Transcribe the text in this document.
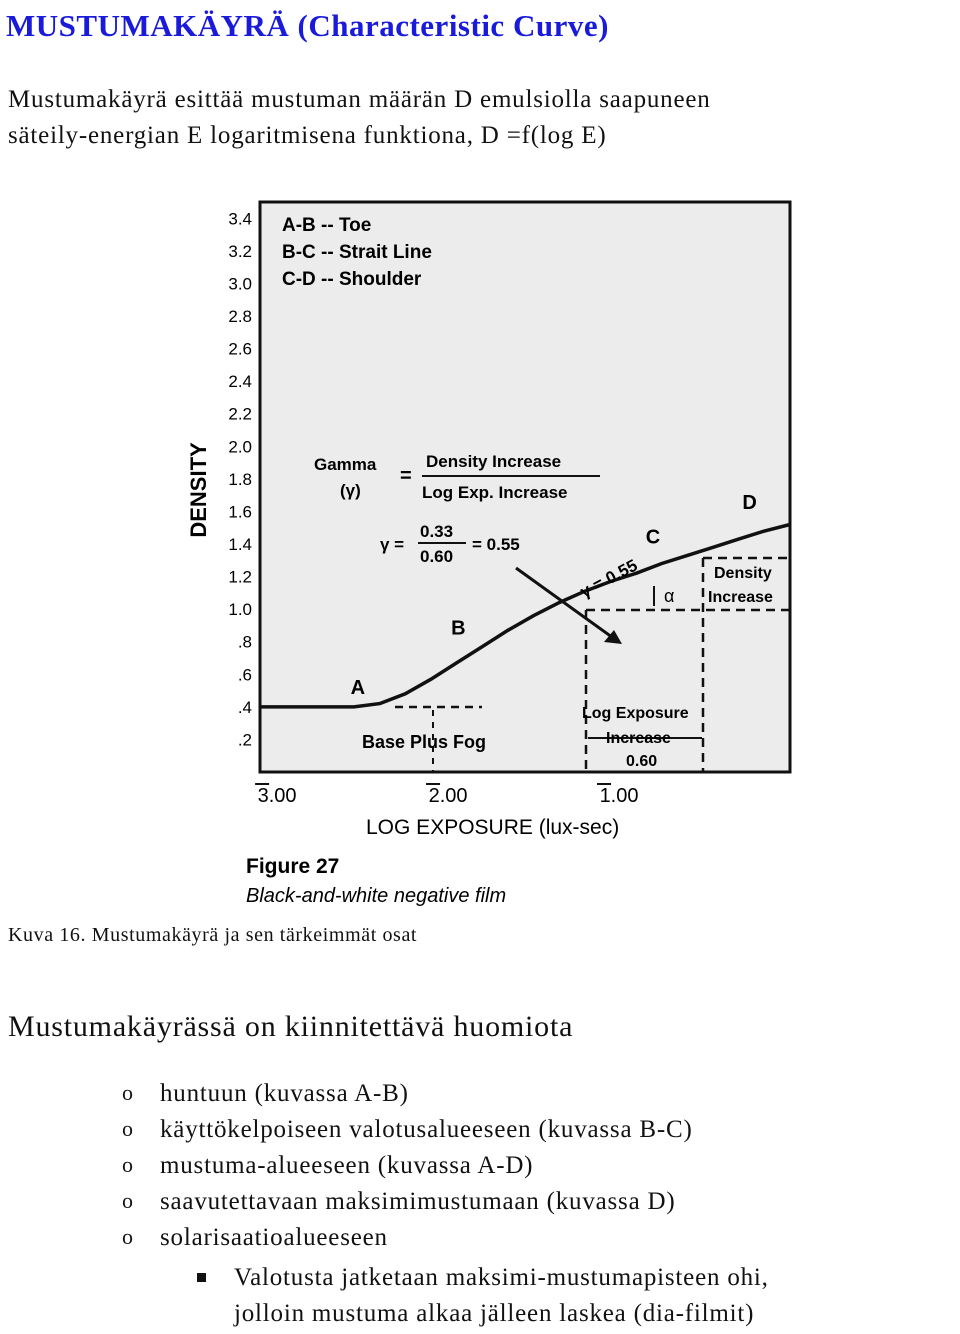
MUSTUMAKÄYRÄ (Characteristic Curve)
Mustumakäyrä esittää mustuman määrän D emulsiolla saapuneen
säteily-energian E logaritmisena funktiona, D =f(log E)
DENSITY
3.4
3.2
3.0
2.8
2.6
2.4
2.2
2.0
1.8
1.6
1.4
1.2
1.0
.8
.6
.4
.2
3.00	2.00	1.00
A-B -- Toe
B-C -- Strait Line
C-D -- Shoulder
Gamma
(γ)
=
Density Increase
Log Exp. Increase
γ =
0.33
0.60
= 0.55
A
B
C
D
γ = 0.55 α
Density
Increase
Base Plus Fog
Log Exposure
Increase
0.60
LOG EXPOSURE (lux-sec)
Figure 27
Black-and-white negative film
Kuva 16. Mustumakäyrä ja sen tärkeimmät osat
Mustumakäyrässä on kiinnitettävä huomiota
o huntuun (kuvassa A-B)
o käyttökelpoiseen valotusalueeseen (kuvassa B-C)
o mustuma-alueeseen (kuvassa A-D)
o saavutettavaan maksimimustumaan (kuvassa D)
o solarisaatioalueeseen
Valotusta jatketaan maksimi-mustumapisteen ohi,
jolloin mustuma alkaa jälleen laskea (dia-filmit)
